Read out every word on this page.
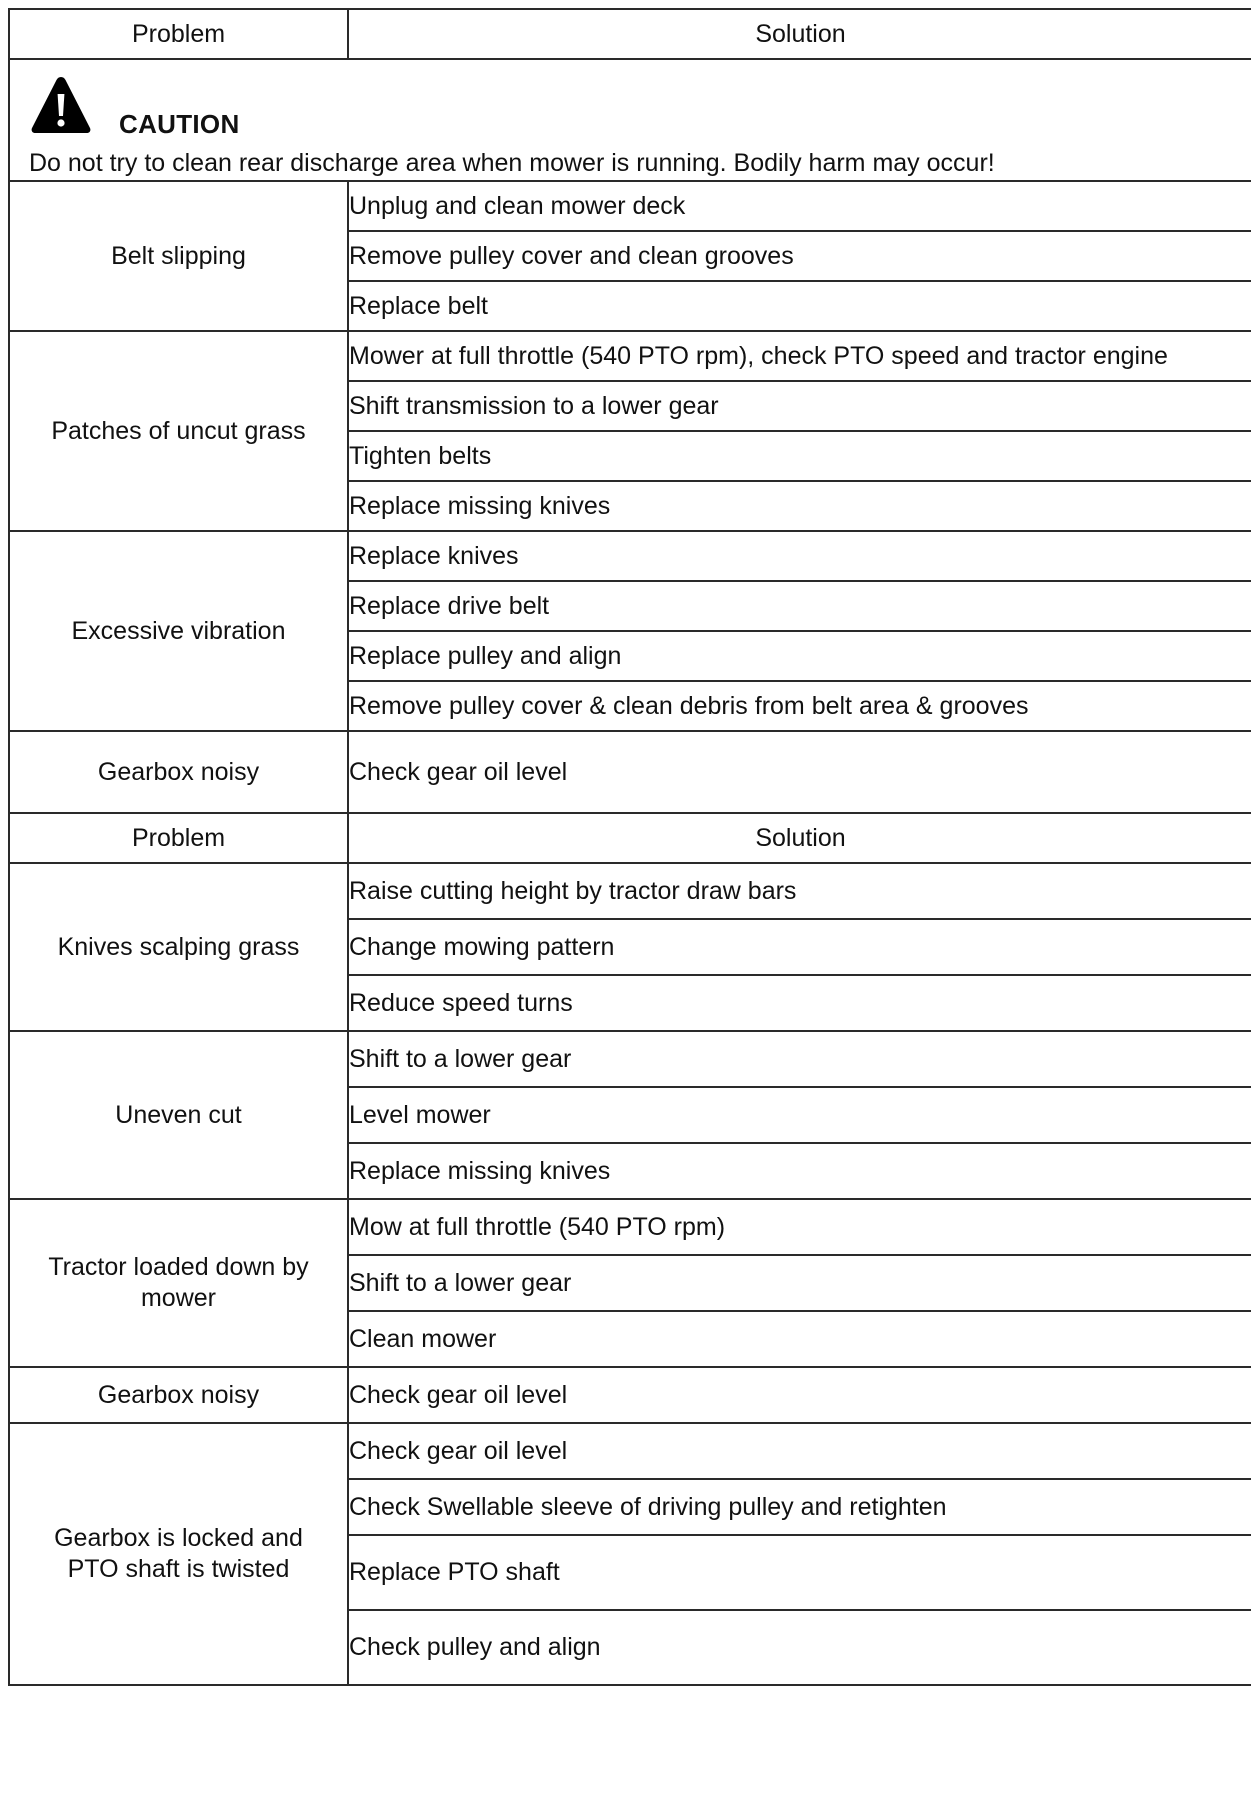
Problem	Solution

CAUTION
Do not try to clean rear discharge area when mower is running. Bodily harm may occur!	

Belt slipping	Unplug and clean mower deck
	Remove pulley cover and clean grooves
	Replace belt
Patches of uncut grass	Mower at full throttle (540 PTO rpm), check PTO speed and tractor engine
	Shift transmission to a lower gear
	Tighten belts
	Replace missing knives
Excessive vibration	Replace knives
	Replace drive belt
	Replace pulley and align
	Remove pulley cover & clean debris from belt area & grooves
Gearbox noisy	Check gear oil level
Problem	Solution
Knives scalping grass	Raise cutting height by tractor draw bars
	Change mowing pattern
	Reduce speed turns
Uneven cut	Shift to a lower gear
	Level mower
	Replace missing knives
Tractor loaded down by
mower	Mow at full throttle (540 PTO rpm)
	Shift to a lower gear
	Clean mower
Gearbox noisy	Check gear oil level
Gearbox is locked and
PTO shaft is twisted	Check gear oil level
	Check Swellable sleeve of driving pulley and retighten
	Replace PTO shaft
	Check pulley and align
